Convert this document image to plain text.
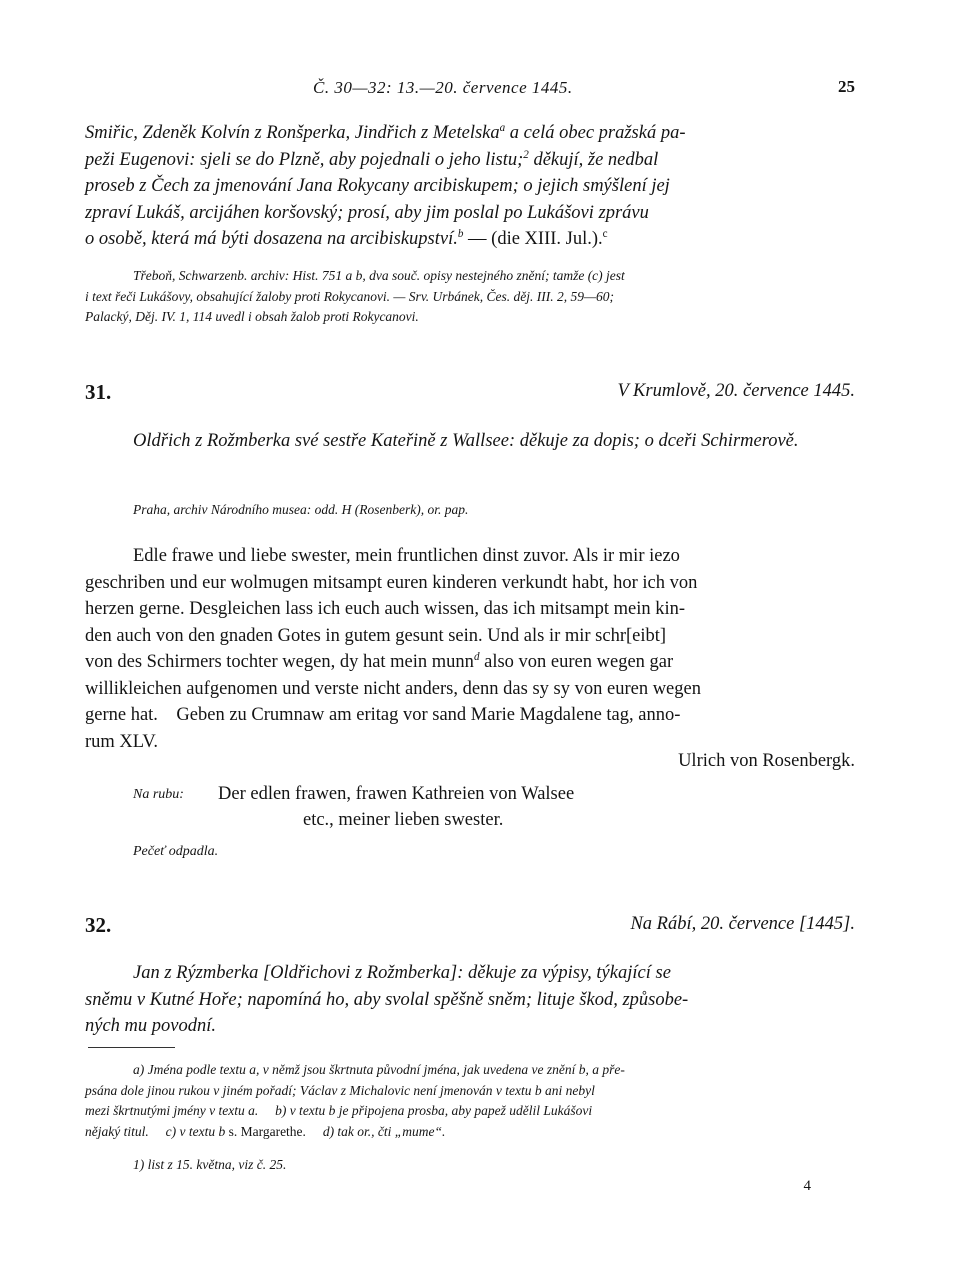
Č. 30—32: 13.—20. července 1445.	25
Smiřic, Zdeněk Kolvín z Ronšperka, Jindřich z Metelska$^a$ a celá obec pražská pa-
peži Eugenovi: sjeli se do Plzně, aby pojednali o jeho listu;$^2$ děkují, že nedbal
proseb z Čech za jmenování Jana Rokycany arcibiskupem; o jejich smýšlení jej
zpraví Lukáš, arcijáhen koršovský; prosí, aby jim poslal po Lukášovi zprávu
o osobě, která má býti dosazena na arcibiskupství.$^b$ — (die XIII. Jul.).$^c$
Třeboň, Schwarzenb. archiv: Hist. 751 a b, dva souč. opisy nestejného znění; tamže (c) jest
i text řeči Lukášovy, obsahující žaloby proti Rokycanovi. — Srv. Urbánek, Čes. děj. III. 2, 59—60;
Palacký, Děj. IV. 1, 114 uvedl i obsah žalob proti Rokycanovi.
31.	V Krumlově, 20. července 1445.

Oldřich z Rožmberka své sestře Kateřině z Wallsee: děkuje za dopis; o dceři Schirmerově.

Praha, archiv Národního musea: odd. H (Rosenberk), or. pap.
Edle frawe und liebe swester, mein fruntlichen dinst zuvor. Als ir mir iezo
geschriben und eur wolmugen mitsampt euren kinderen verkundt habt, hor ich von
herzen gerne. Desgleichen lass ich euch auch wissen, das ich mitsampt mein kin-
den auch von den gnaden Gotes in gutem gesunt sein. Und als ir mir schr[eibt]
von des Schirmers tochter wegen, dy hat mein munn$^d$ also von euren wegen gar
willikleichen aufgenomen und verste nicht anders, denn das sy sy von euren wegen
gerne hat.    Geben zu Crumnaw am eritag vor sand Marie Magdalene tag, anno-
rum XLV.
Ulrich von Rosenbergk.
Na rubu: Der edlen frawen, frawen Kathreien von Walsee
etc., meiner lieben swester.
Pečeť odpadla.
32.	Na Rábí, 20. července [1445].
Jan z Rýzmberka [Oldřichovi z Rožmberka]: děkuje za výpisy, týkající se
sněmu v Kutné Hoře; napomíná ho, aby svolal spěšně sněm; lituje škod, způsobe-
ných mu povodní.
a) Jména podle textu a, v němž jsou škrtnuta původní jména, jak uvedena ve znění b, a pře-
psána dole jinou rukou v jiném pořadí; Václav z Michalovic není jmenován v textu b ani nebyl
mezi škrtnutými jmény v textu a.     b) v textu b je připojena prosba, aby papež udělil Lukášovi
nějaký titul.     c) v textu b s. Margarethe.     d) tak or., čti „mume“.
1) list z 15. května, viz č. 25.
4
